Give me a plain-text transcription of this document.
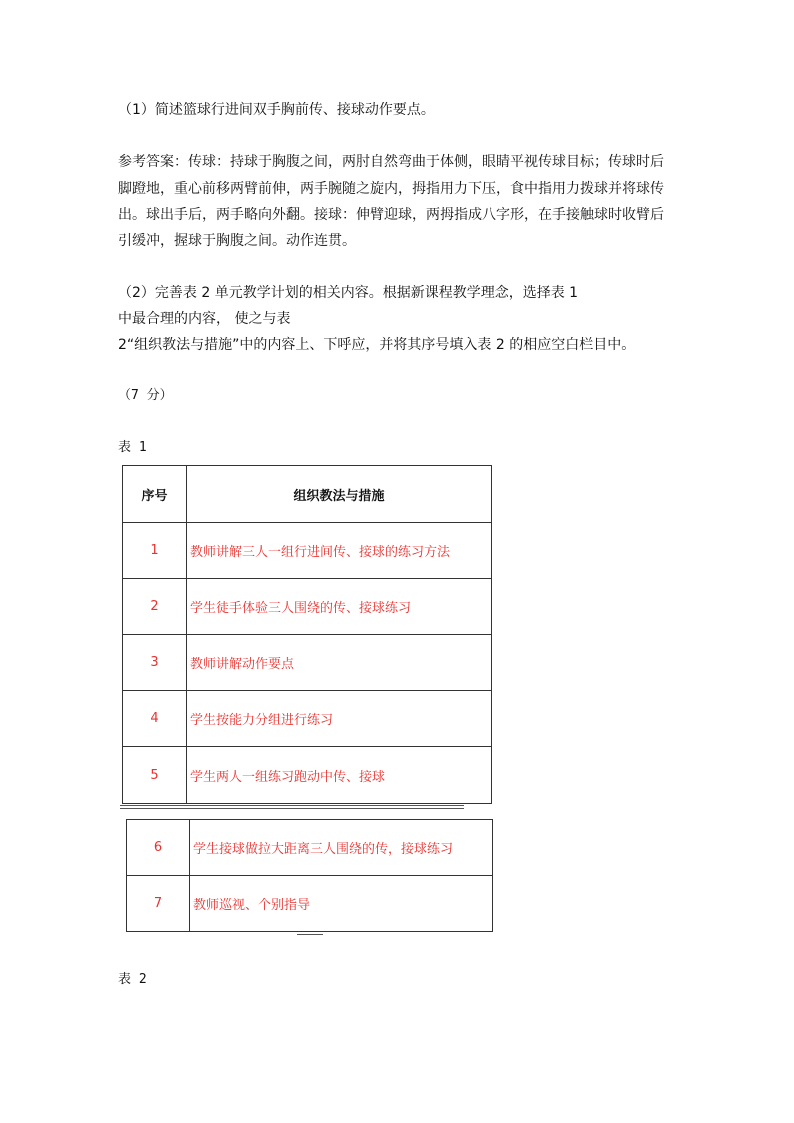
（1）简述篮球行进间双手胸前传、接球动作要点。
参考答案：传球：持球于胸腹之间，两肘自然弯曲于体侧，眼睛平视传球目标；传球时后
脚蹬地，重心前移两臂前伸，两手腕随之旋内，拇指用力下压，食中指用力拨球并将球传
出。球出手后，两手略向外翻。接球：伸臂迎球，两拇指成八字形，在手接触球时收臂后
引缓冲，握球于胸腹之间。动作连贯。
（2）完善表 2 单元教学计划的相关内容。根据新课程教学理念，选择表 1
中最合理的内容， 使之与表
2“组织教法与措施”中的内容上、下呼应，并将其序号填入表 2 的相应空白栏目中。
（7 分）
表 1
序号	组织教法与措施
1	教师讲解三人一组行进间传、接球的练习方法
2	学生徒手体验三人围绕的传、接球练习
3	教师讲解动作要点
4	学生按能力分组进行练习
5	学生两人一组练习跑动中传、接球
6	学生接球做拉大距离三人围绕的传，接球练习
7	教师巡视、个别指导
表 2
